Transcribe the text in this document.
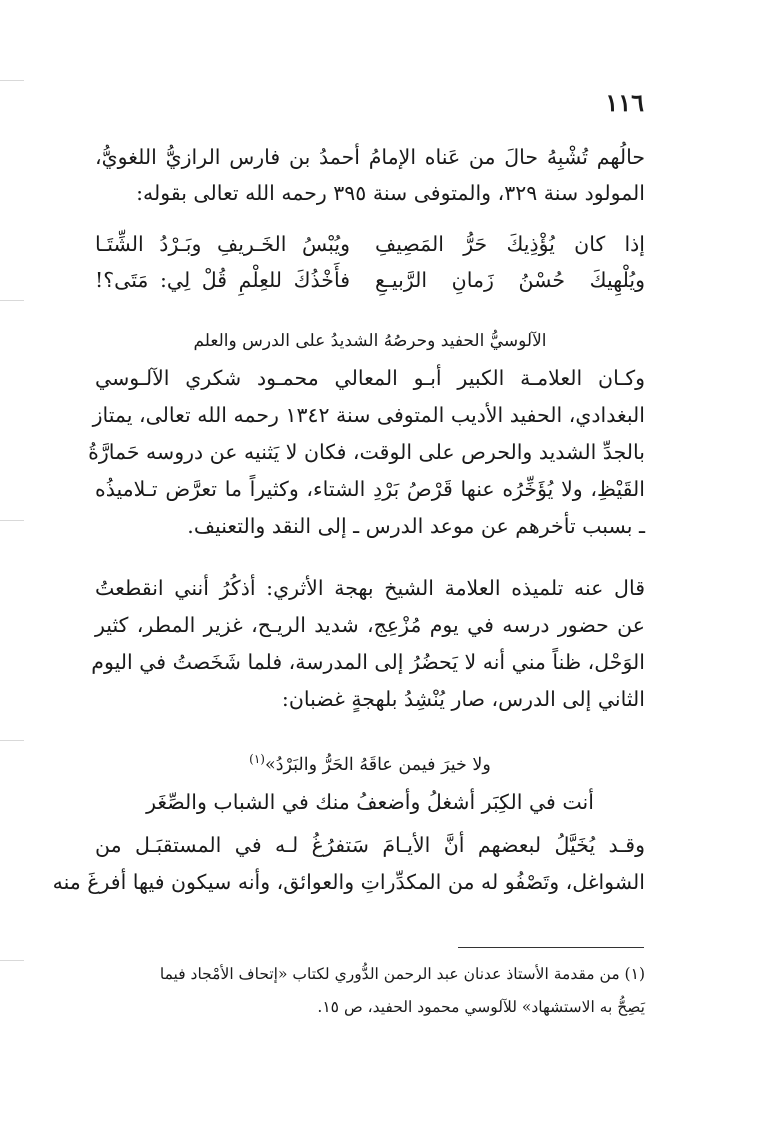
١١٦
حالُهم تُشْبِهُ حالَ من عَناه الإمامُ أحمدُ بن فارس الرازيُّ اللغويُّ،
المولود سنة ٣٢٩، والمتوفى سنة ٣٩٥ رحمه الله تعالى بقوله:
إذا كان يُؤْذِيكَ حَرُّ المَصِيفِ
ويُبْسُ الخَـريفِ وبَـرْدُ الشِّتَـا
ويُلْهِيكَ حُسْنُ زَمانِ الرَّبيـعِ
فأَخْذُكَ للعِلْمِ قُلْ لِي: مَتَى؟!
الآلوسيُّ الحفيد وحرصُهُ الشديدُ على الدرس والعلم
وكـان العلامـة الكبير أبـو المعالي محمـود شكري الآلـوسي
البغدادي، الحفيد الأديب المتوفى سنة ١٣٤٢ رحمه الله تعالى، يمتاز
بالجدِّ الشديد والحرص على الوقت، فكان لا يَثنيه عن دروسه حَمارَّةُ
القَيْظِ، ولا يُؤَخِّرُه عنها قَرْصُ بَرْدِ الشتاء، وكثيراً ما تعرَّض تـلاميذُه
ـ بسبب تأخرهم عن موعد الدرس ـ إلى النقد والتعنيف.
قال عنه تلميذه العلامة الشيخ بهجة الأثري: أذكُرُ أنني انقطعتُ
عن حضور درسه في يوم مُزْعِج، شديد الريـح، غزير المطر، كثير
الوَحْل، ظناً مني أنه لا يَحضُرُ إلى المدرسة، فلما شَخَصتُ في اليوم
الثاني إلى الدرس، صار يُنْشِدُ بلهجةٍ غضبان:
ولا خيرَ فيمن عاقَهُ الحَرُّ والبَرْدُ»$^{(١)}$
أنت في الكِبَر أشغلُ وأضعفُ منك في الشباب والصِّغَر
وقـد يُخَيَّلُ لبعضهم أنَّ الأيـامَ سَتفرُغُ لـه في المستقبَـل من
الشواغل، وتَصْفُو له من المكدِّراتِ والعوائق، وأنه سيكون فيها أفرغَ منه
(١) من مقدمة الأستاذ عدنان عبد الرحمن الدُّوري لكتاب «إتحاف الأمْجاد فيما
يَصِحُّ به الاستشهاد» للآلوسي محمود الحفيد، ص ١٥.
